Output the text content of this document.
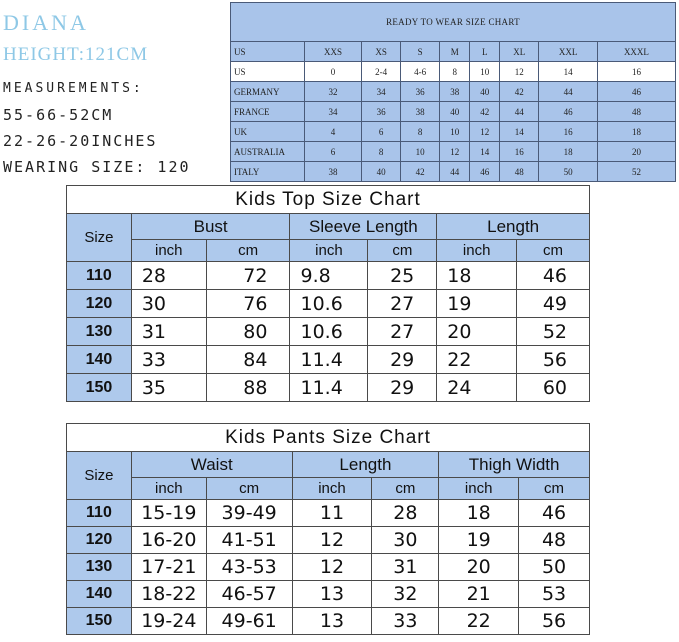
DIANA
HEIGHT:121CM
MEASUREMENTS:
55-66-52CM
22-26-20INCHES
WEARING SIZE: 120
READY TO WEAR SIZE CHART								
US	XXS	XS	S	M	L	XL	XXL	XXXL
US	0	2-4	4-6	8	10	12	14	16
GERMANY	32	34	36	38	40	42	44	46
FRANCE	34	36	38	40	42	44	46	48
UK	4	6	8	10	12	14	16	18
AUSTRALIA	6	8	10	12	14	16	18	20
ITALY	38	40	42	44	46	48	50	52
Kids Top Size Chart						
Size	Bust		Sleeve Length		Length	
	inch	cm	inch	cm	inch	cm
110	28	72	9.8	25	18	46
120	30	76	10.6	27	19	49
130	31	80	10.6	27	20	52
140	33	84	11.4	29	22	56
150	35	88	11.4	29	24	60
Kids Pants Size Chart						
Size	Waist		Length		Thigh Width	
	inch	cm	inch	cm	inch	cm
110	15-19	39-49	11	28	18	46
120	16-20	41-51	12	30	19	48
130	17-21	43-53	12	31	20	50
140	18-22	46-57	13	32	21	53
150	19-24	49-61	13	33	22	56
